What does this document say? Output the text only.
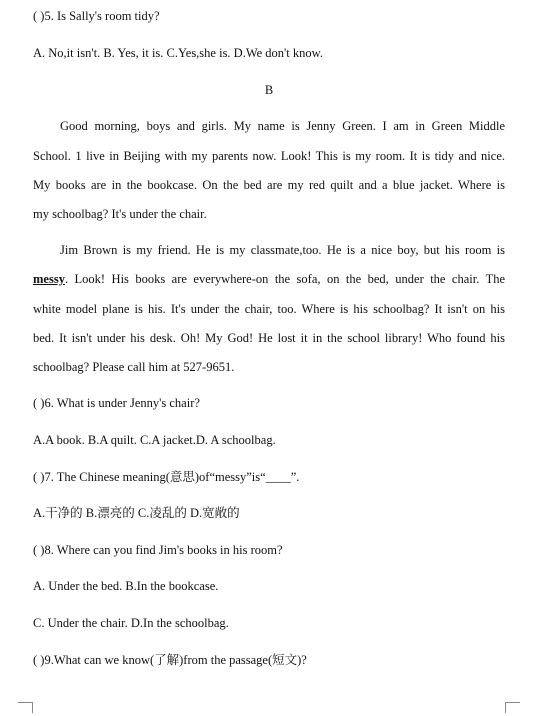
( )5. Is Sally's room tidy?
A. No,it isn't. B. Yes, it is. C.Yes,she is. D.We don't know.
B
Good morning, boys and girls. My name is Jenny Green. I am in Green Middle
School. 1 live in Beijing with my parents now. Look! This is my room. It is tidy and nice.
My books are in the bookcase. On the bed are my red quilt and a blue jacket. Where is
my schoolbag? It's under the chair.
Jim Brown is my friend. He is my classmate,too. He is a nice boy, but his room is
messy. Look! His books are everywhere-on the sofa, on the bed, under the chair. The
white model plane is his. It's under the chair, too. Where is his schoolbag? It isn't on his
bed. It isn't under his desk. Oh! My God! He lost it in the school library! Who found his
schoolbag? Please call him at 527-9651.
( )6. What is under Jenny's chair?
A.A book. B.A quilt. C.A jacket.D. A schoolbag.
( )7. The Chinese meaning(意思)of“messy”is“____”.
A.干净的 B.漂亮的 C.凌乱的 D.宽敞的
( )8. Where can you find Jim's books in his room?
A. Under the bed. B.In the bookcase.
C. Under the chair. D.In the schoolbag.
( )9.What can we know(了解)from the passage(短文)?
